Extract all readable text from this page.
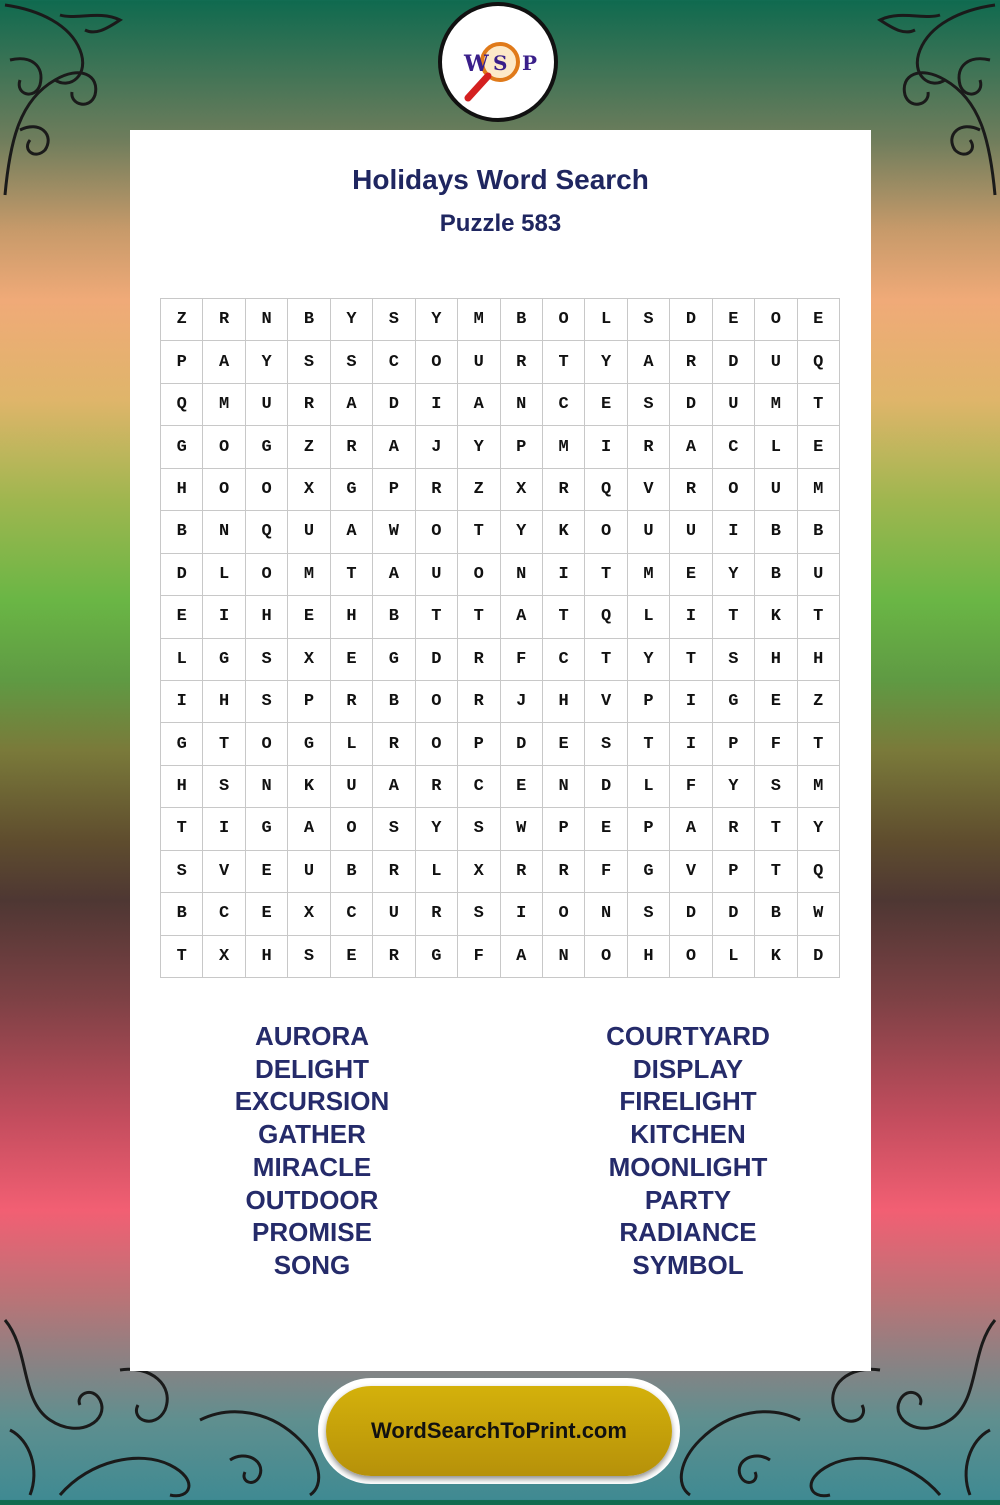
W S P
Holidays Word Search
Puzzle 583
Z	R	N	B	Y	S	Y	M	B	O	L	S	D	E	O	E
P	A	Y	S	S	C	O	U	R	T	Y	A	R	D	U	Q
Q	M	U	R	A	D	I	A	N	C	E	S	D	U	M	T
G	O	G	Z	R	A	J	Y	P	M	I	R	A	C	L	E
H	O	O	X	G	P	R	Z	X	R	Q	V	R	O	U	M
B	N	Q	U	A	W	O	T	Y	K	O	U	U	I	B	B
D	L	O	M	T	A	U	O	N	I	T	M	E	Y	B	U
E	I	H	E	H	B	T	T	A	T	Q	L	I	T	K	T
L	G	S	X	E	G	D	R	F	C	T	Y	T	S	H	H
I	H	S	P	R	B	O	R	J	H	V	P	I	G	E	Z
G	T	O	G	L	R	O	P	D	E	S	T	I	P	F	T
H	S	N	K	U	A	R	C	E	N	D	L	F	Y	S	M
T	I	G	A	O	S	Y	S	W	P	E	P	A	R	T	Y
S	V	E	U	B	R	L	X	R	R	F	G	V	P	T	Q
B	C	E	X	C	U	R	S	I	O	N	S	D	D	B	W
T	X	H	S	E	R	G	F	A	N	O	H	O	L	K	D
AURORA
DELIGHT
EXCURSION
GATHER
MIRACLE
OUTDOOR
PROMISE
SONG
COURTYARD
DISPLAY
FIRELIGHT
KITCHEN
MOONLIGHT
PARTY
RADIANCE
SYMBOL
WordSearchToPrint.com
